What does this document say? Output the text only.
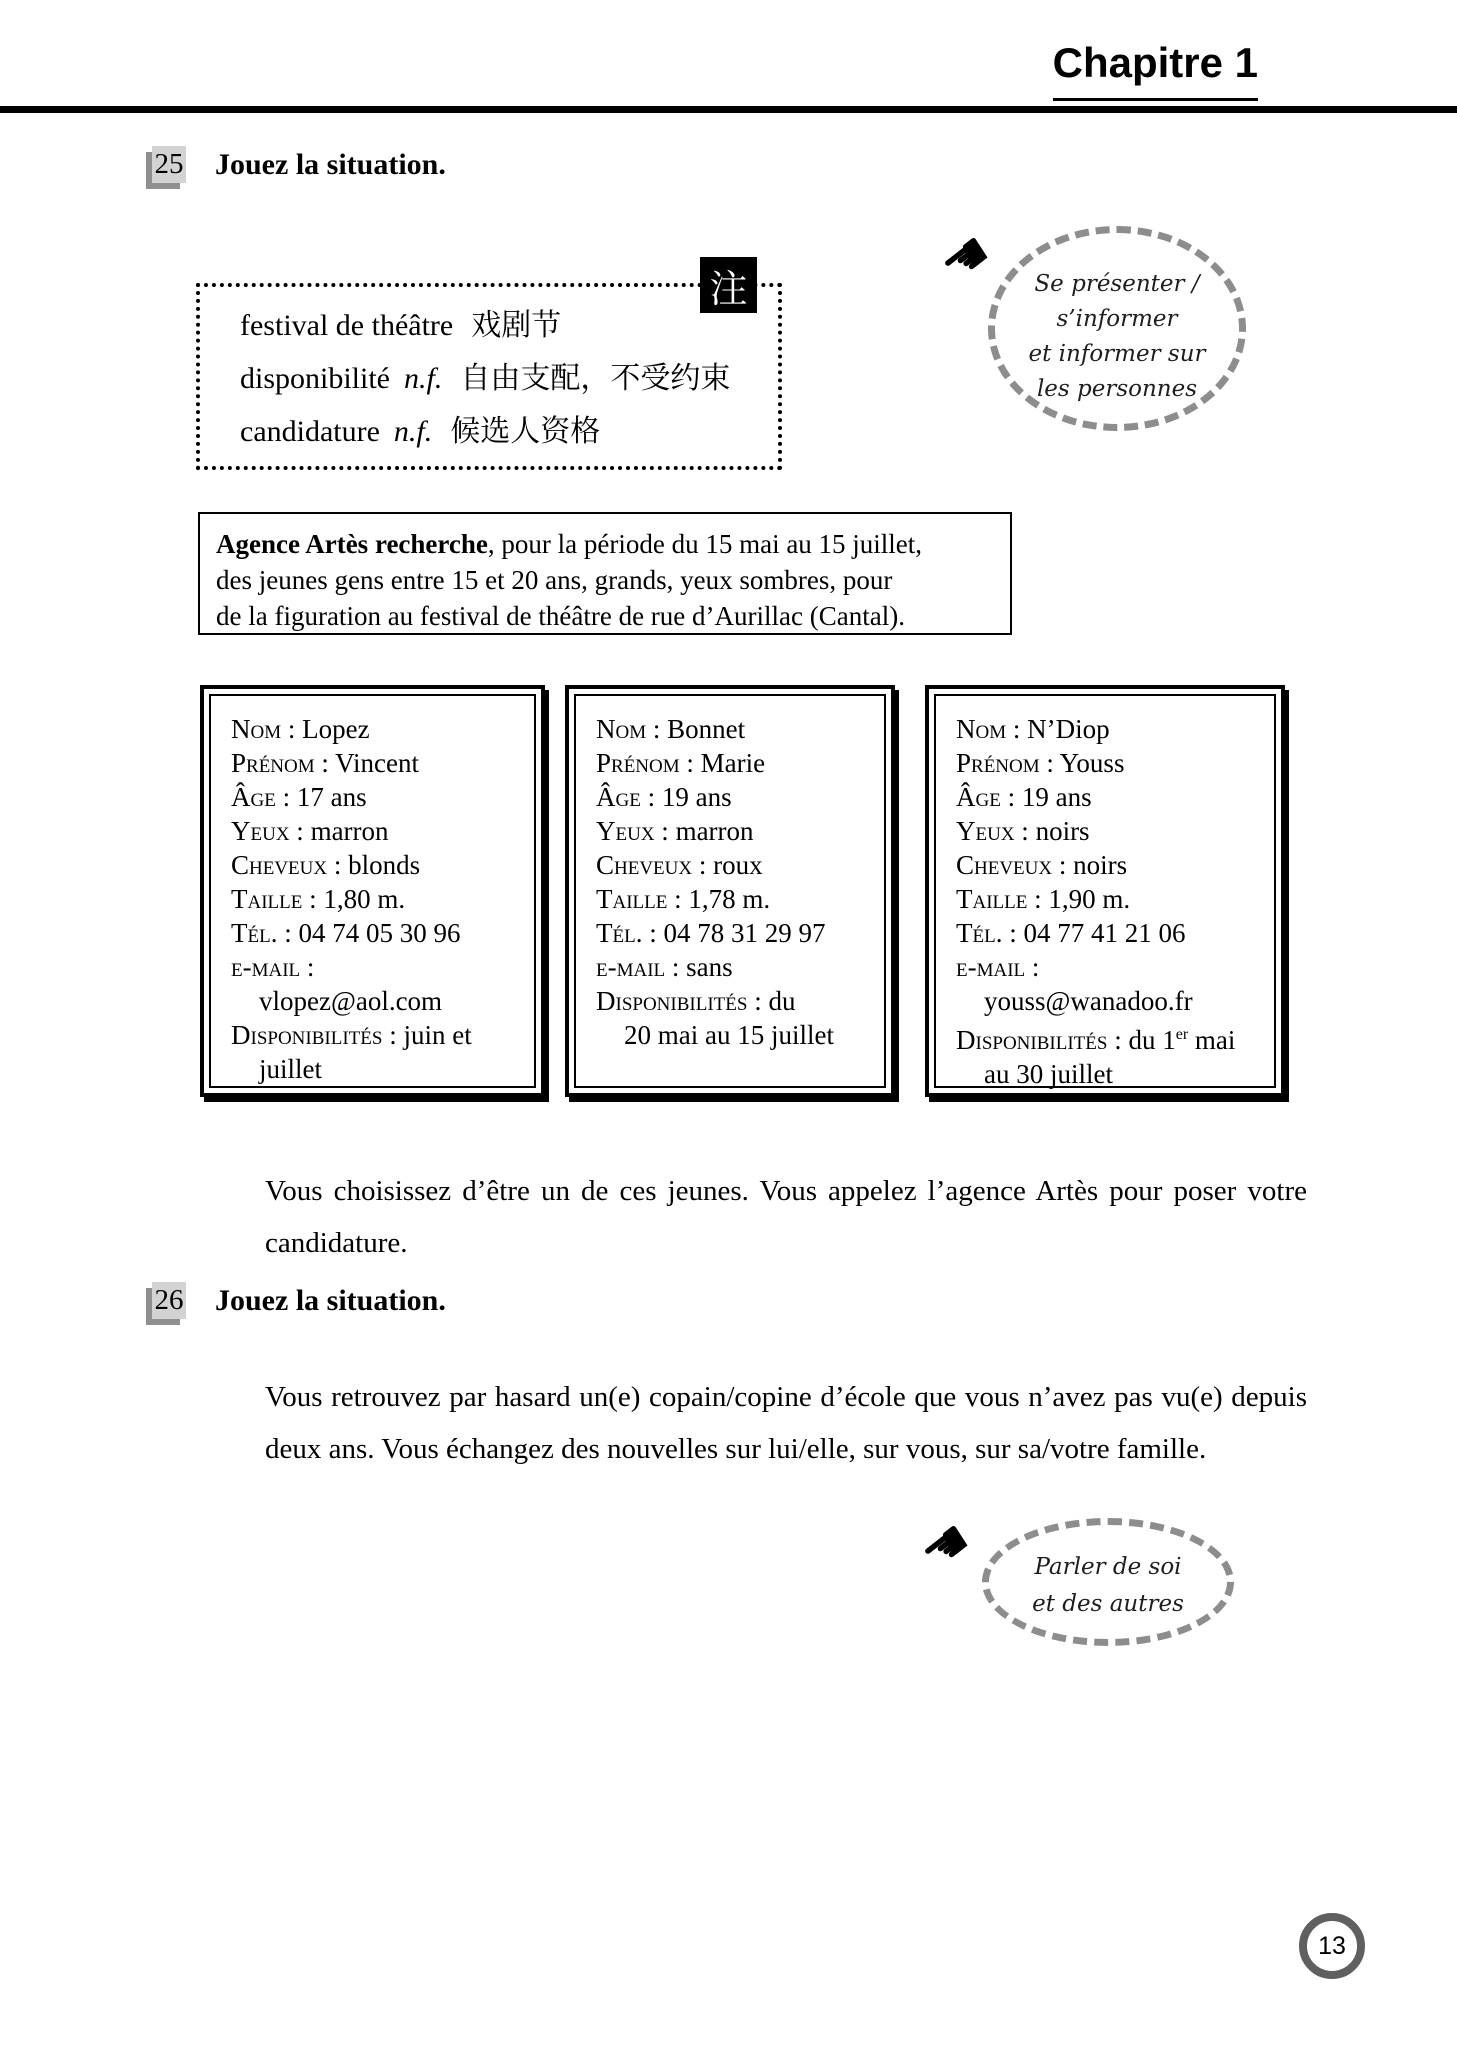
Chapitre 1
25 Jouez la situation.
festival de théâtre 戏剧节
disponibilité n.f. 自由支配，不受约束
candidature n.f. 候选人资格
注	☚	Se présenter /
s’informer
et informer sur
les personnes
Agence Artès recherche, pour la période du 15 mai au 15 juillet,
des jeunes gens entre 15 et 20 ans, grands, yeux sombres, pour
de la figuration au festival de théâtre de rue d’Aurillac (Cantal).
Nom : Lopez
Prénom : Vincent
Âge : 17 ans
Yeux : marron
Cheveux : blonds
Taille : 1,80 m.
Tél. : 04 74 05 30 96
e-mail :
vlopez@aol.com
Disponibilités : juin et
juillet
Nom : Bonnet
Prénom : Marie
Âge : 19 ans
Yeux : marron
Cheveux : roux
Taille : 1,78 m.
Tél. : 04 78 31 29 97
e-mail : sans
Disponibilités : du
20 mai au 15 juillet
Nom : N’Diop
Prénom : Youss
Âge : 19 ans
Yeux : noirs
Cheveux : noirs
Taille : 1,90 m.
Tél. : 04 77 41 21 06
e-mail :
youss@wanadoo.fr
Disponibilités : du 1er mai
au 30 juillet

Vous choisissez d’être un de ces jeunes. Vous appelez l’agence Artès pour poser votre candidature.

26 Jouez la situation.

Vous retrouvez par hasard un(e) copain/copine d’école que vous n’avez pas vu(e) depuis deux ans. Vous échangez des nouvelles sur lui/elle, sur vous, sur sa/votre famille.

☚	Parler de soi
et des autres
13
